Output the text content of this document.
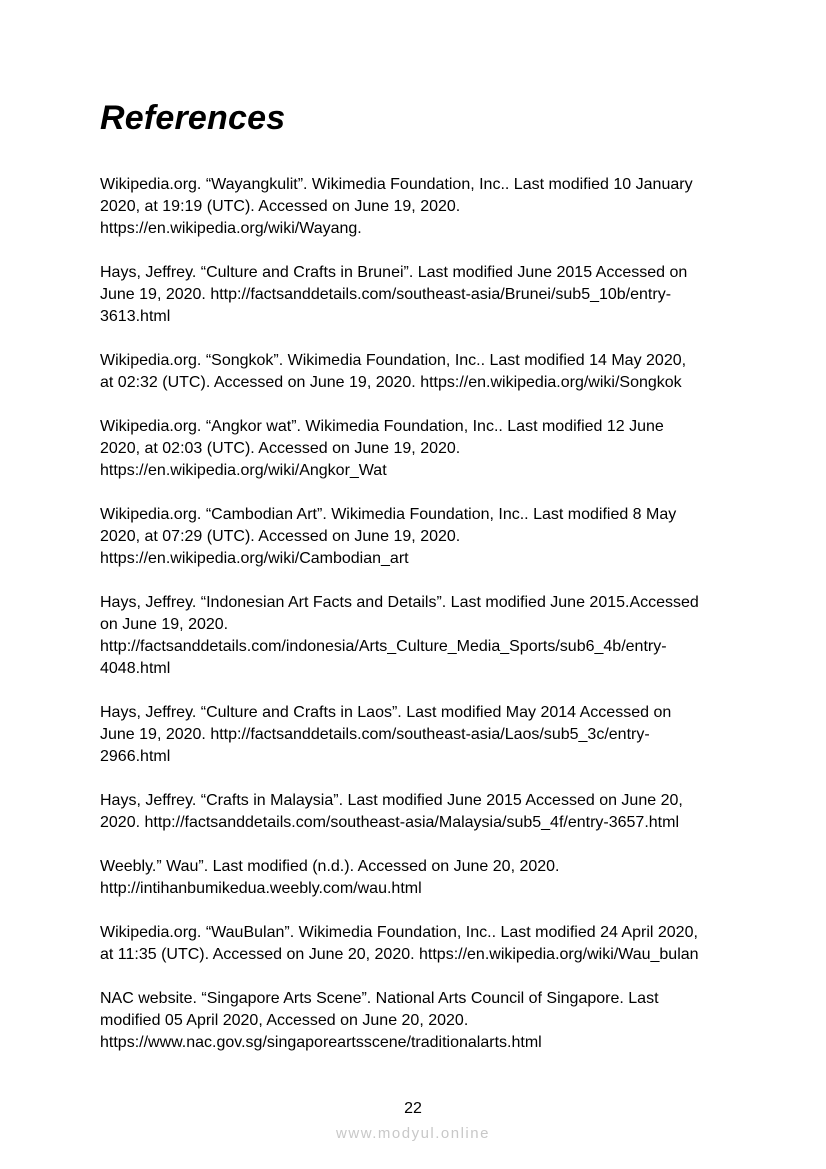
References
Wikipedia.org. “Wayangkulit”. Wikimedia Foundation, Inc.. Last modified 10 January
2020, at 19:19 (UTC). Accessed on June 19, 2020.
https://en.wikipedia.org/wiki/Wayang.
Hays, Jeffrey. “Culture and Crafts in Brunei”. Last modified June 2015 Accessed on
June 19, 2020. http://factsanddetails.com/southeast-asia/Brunei/sub5_10b/entry-
3613.html
Wikipedia.org. “Songkok”. Wikimedia Foundation, Inc.. Last modified 14 May 2020,
at 02:32 (UTC). Accessed on June 19, 2020. https://en.wikipedia.org/wiki/Songkok
Wikipedia.org. “Angkor wat”. Wikimedia Foundation, Inc.. Last modified 12 June
2020, at 02:03 (UTC). Accessed on June 19, 2020.
https://en.wikipedia.org/wiki/Angkor_Wat
Wikipedia.org. “Cambodian Art”. Wikimedia Foundation, Inc.. Last modified 8 May
2020, at 07:29 (UTC). Accessed on June 19, 2020.
https://en.wikipedia.org/wiki/Cambodian_art
Hays, Jeffrey. “Indonesian Art Facts and Details”. Last modified June 2015.Accessed
on June 19, 2020.
http://factsanddetails.com/indonesia/Arts_Culture_Media_Sports/sub6_4b/entry-
4048.html
Hays, Jeffrey. “Culture and Crafts in Laos”. Last modified May 2014 Accessed on
June 19, 2020. http://factsanddetails.com/southeast-asia/Laos/sub5_3c/entry-
2966.html
Hays, Jeffrey. “Crafts in Malaysia”. Last modified June 2015 Accessed on June 20,
2020. http://factsanddetails.com/southeast-asia/Malaysia/sub5_4f/entry-3657.html
Weebly.” Wau”. Last modified (n.d.). Accessed on June 20, 2020.
http://intihanbumikedua.weebly.com/wau.html
Wikipedia.org. “WauBulan”. Wikimedia Foundation, Inc.. Last modified 24 April 2020,
at 11:35 (UTC). Accessed on June 20, 2020. https://en.wikipedia.org/wiki/Wau_bulan
NAC website. “Singapore Arts Scene”. National Arts Council of Singapore. Last
modified 05 April 2020, Accessed on June 20, 2020.
https://www.nac.gov.sg/singaporeartsscene/traditionalarts.html
22
www.modyul.online
